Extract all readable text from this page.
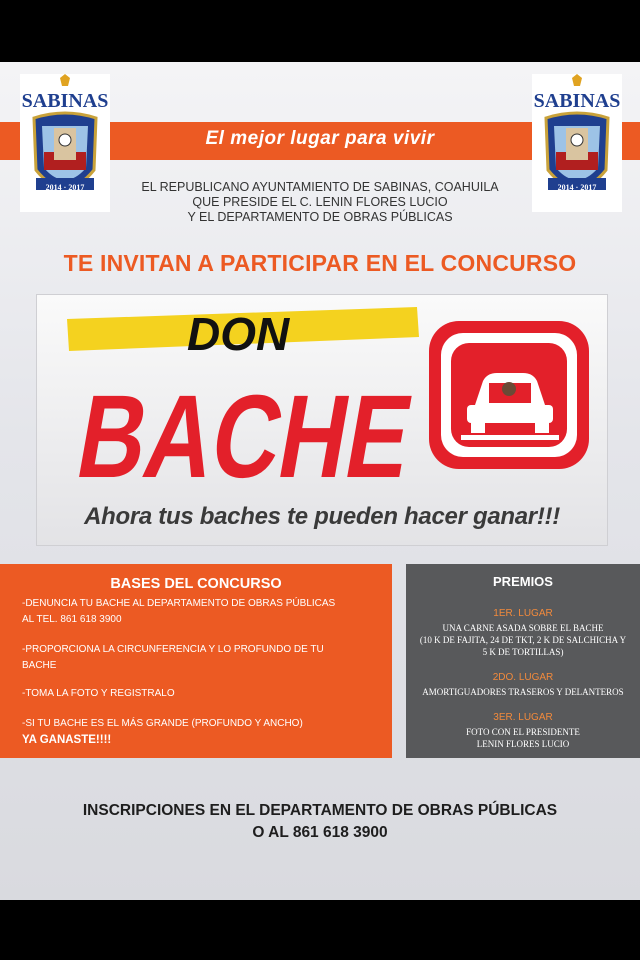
El mejor lugar para vivir
SABINAS
2014 · 2017
SABINAS
2014 · 2017
EL REPUBLICANO AYUNTAMIENTO DE SABINAS, COAHUILA
QUE PRESIDE EL C. LENIN FLORES LUCIO
Y EL DEPARTAMENTO DE OBRAS PÚBLICAS
TE INVITAN A PARTICIPAR EN EL CONCURSO
DON
BACHE
Ahora tus baches te pueden hacer ganar!!!
BASES DEL CONCURSO
-DENUNCIA TU BACHE AL DEPARTAMENTO DE OBRAS PÚBLICAS
AL TEL. 861 618 3900
-PROPORCIONA LA CIRCUNFERENCIA Y LO PROFUNDO DE TU
BACHE
-TOMA LA FOTO Y REGISTRALO
-SI TU BACHE ES EL MÁS GRANDE (PROFUNDO Y ANCHO)
YA GANASTE!!!!
PREMIOS
1ER. LUGAR
UNA CARNE ASADA SOBRE EL BACHE
(10 K DE FAJITA, 24 DE TKT, 2 K DE SALCHICHA Y
5 K DE TORTILLAS)
2DO. LUGAR
AMORTIGUADORES TRASEROS Y DELANTEROS
3ER. LUGAR
FOTO CON EL PRESIDENTE
LENIN FLORES LUCIO
INSCRIPCIONES EN EL DEPARTAMENTO DE OBRAS PÚBLICAS
O AL 861 618 3900
